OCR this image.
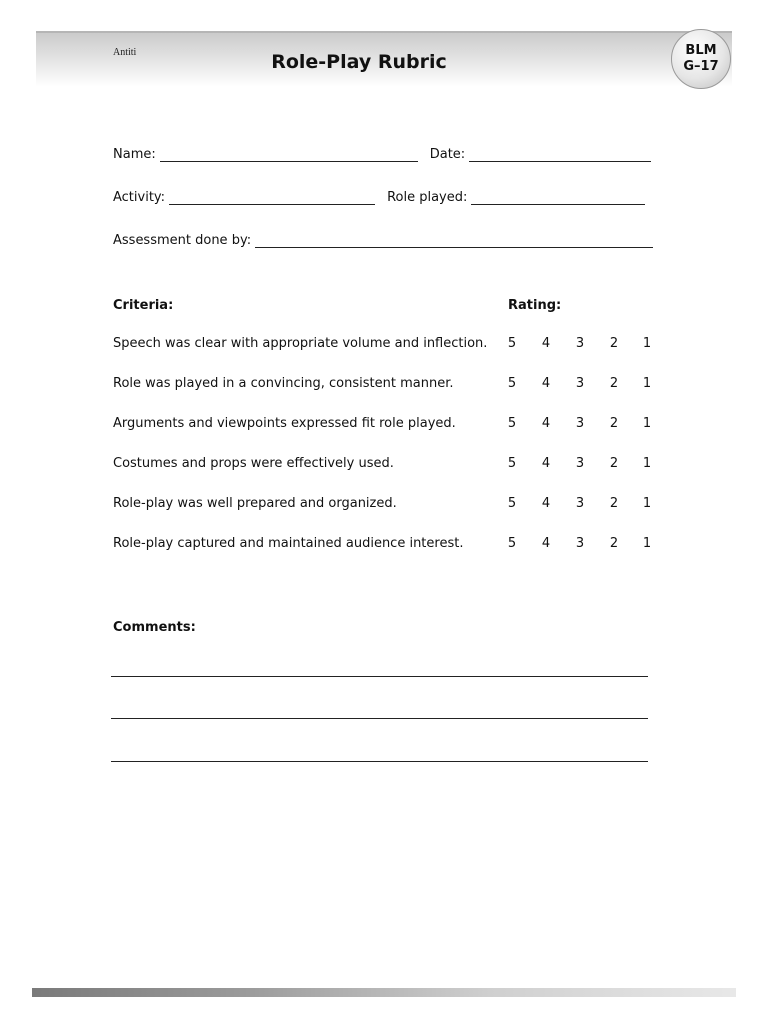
Antiti	Role-Play Rubric
BLM
G–17
Name:	Date:
Activity:	Role played:
Assessment done by:
Criteria:	Rating:
Speech was clear with appropriate volume and inflection. 5 4 3 2 1
Role was played in a convincing, consistent manner.	5 4 3 2 1
Arguments and viewpoints expressed fit role played.	5 4 3 2 1
Costumes and props were effectively used.	5 4 3 2 1
Role-play was well prepared and organized.	5 4 3 2 1
Role-play captured and maintained audience interest.	5 4 3 2 1
Comments:
